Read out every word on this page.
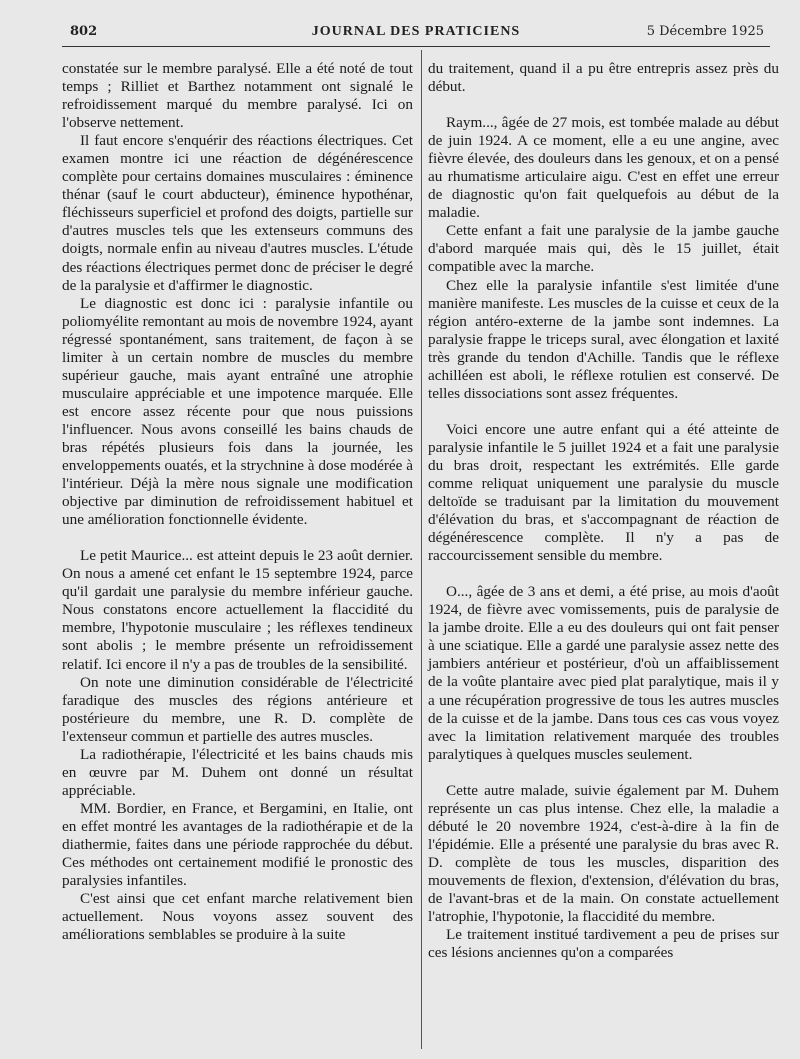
802	JOURNAL DES PRATICIENS	5 Décembre 1925

constatée sur le membre paralysé. Elle a été noté de tout temps ; Rilliet et Barthez notamment ont signalé le refroidissement marqué du membre paralysé. Ici on l'observe nettement.

Il faut encore s'enquérir des réactions électriques. Cet examen montre ici une réaction de dégénérescence complète pour certains domaines musculaires : éminence thénar (sauf le court abducteur), éminence hypothénar, fléchisseurs superficiel et profond des doigts, partielle sur d'autres muscles tels que les extenseurs communs des doigts, normale enfin au niveau d'autres muscles. L'étude des réactions électriques permet donc de préciser le degré de la paralysie et d'affirmer le diagnostic.

Le diagnostic est donc ici : paralysie infantile ou poliomyélite remontant au mois de novembre 1924, ayant régressé spontanément, sans traitement, de façon à se limiter à un certain nombre de muscles du membre supérieur gauche, mais ayant entraîné une atrophie musculaire appréciable et une impotence marquée. Elle est encore assez récente pour que nous puissions l'influencer. Nous avons conseillé les bains chauds de bras répétés plusieurs fois dans la journée, les enveloppements ouatés, et la strychnine à dose modérée à l'intérieur. Déjà la mère nous signale une modification objective par diminution de refroidissement habituel et une amélioration fonctionnelle évidente.

Le petit Maurice... est atteint depuis le 23 août dernier. On nous a amené cet enfant le 15 septembre 1924, parce qu'il gardait une paralysie du membre inférieur gauche. Nous constatons encore actuellement la flaccidité du membre, l'hypotonie musculaire ; les réflexes tendineux sont abolis ; le membre présente un refroidissement relatif. Ici encore il n'y a pas de troubles de la sensibilité.

On note une diminution considérable de l'électricité faradique des muscles des régions antérieure et postérieure du membre, une R. D. complète de l'extenseur commun et partielle des autres muscles.

La radiothérapie, l'électricité et les bains chauds mis en œuvre par M. Duhem ont donné un résultat appréciable.

MM. Bordier, en France, et Bergamini, en Italie, ont en effet montré les avantages de la radiothérapie et de la diathermie, faites dans une période rapprochée du début. Ces méthodes ont certainement modifié le pronostic des paralysies infantiles.

C'est ainsi que cet enfant marche relativement bien actuellement. Nous voyons assez souvent des améliorations semblables se produire à la suite

du traitement, quand il a pu être entrepris assez près du début.

Raym..., âgée de 27 mois, est tombée malade au début de juin 1924. A ce moment, elle a eu une angine, avec fièvre élevée, des douleurs dans les genoux, et on a pensé au rhumatisme articulaire aigu. C'est en effet une erreur de diagnostic qu'on fait quelquefois au début de la maladie.

Cette enfant a fait une paralysie de la jambe gauche d'abord marquée mais qui, dès le 15 juillet, était compatible avec la marche.

Chez elle la paralysie infantile s'est limitée d'une manière manifeste. Les muscles de la cuisse et ceux de la région antéro-externe de la jambe sont indemnes. La paralysie frappe le triceps sural, avec élongation et laxité très grande du tendon d'Achille. Tandis que le réflexe achilléen est aboli, le réflexe rotulien est conservé. De telles dissociations sont assez fréquentes.

Voici encore une autre enfant qui a été atteinte de paralysie infantile le 5 juillet 1924 et a fait une paralysie du bras droit, respectant les extrémités. Elle garde comme reliquat uniquement une paralysie du muscle deltoïde se traduisant par la limitation du mouvement d'élévation du bras, et s'accompagnant de réaction de dégénérescence complète. Il n'y a pas de raccourcissement sensible du membre.

O..., âgée de 3 ans et demi, a été prise, au mois d'août 1924, de fièvre avec vomissements, puis de paralysie de la jambe droite. Elle a eu des douleurs qui ont fait penser à une sciatique. Elle a gardé une paralysie assez nette des jambiers antérieur et postérieur, d'où un affaiblissement de la voûte plantaire avec pied plat paralytique, mais il y a une récupération progressive de tous les autres muscles de la cuisse et de la jambe. Dans tous ces cas vous voyez avec la limitation relativement marquée des troubles paralytiques à quelques muscles seulement.

Cette autre malade, suivie également par M. Duhem représente un cas plus intense. Chez elle, la maladie a débuté le 20 novembre 1924, c'est-à-dire à la fin de l'épidémie. Elle a présenté une paralysie du bras avec R. D. complète de tous les muscles, disparition des mouvements de flexion, d'extension, d'élévation du bras, de l'avant-bras et de la main. On constate actuellement l'atrophie, l'hypotonie, la flaccidité du membre.

Le traitement institué tardivement a peu de prises sur ces lésions anciennes qu'on a comparées
